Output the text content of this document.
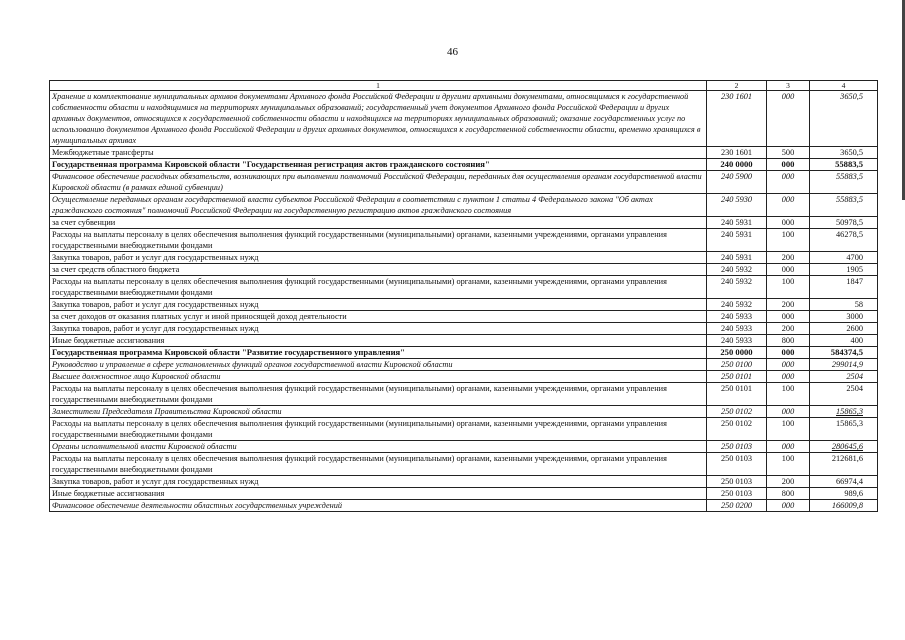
46
1	2	3	4
Хранение и комплектование муниципальных архивов документами Архивного фонда Российской Федерации и другими архивными документами, относящимися к государственной собственности области и находящимися на территориях муниципальных образований; государственный учет документов Архивного фонда Российской Федерации и других архивных документов, относящихся к государственной собственности области и находящихся на территориях муниципальных образований; оказание государственных услуг по использованию документов Архивного фонда Российской Федерации и других архивных документов, относящихся к государственной собственности области, временно хранящихся в муниципальных архивах	230 1601	000	3650,5
Межбюджетные трансферты	230 1601	500	3650,5
Государственная программа Кировской области "Государственная регистрация актов гражданского состояния"	240 0000	000	55883,5
Финансовое обеспечение расходных обязательств, возникающих при выполнении полномочий Российской Федерации, переданных для осуществления органам государственной власти Кировской области (в рамках единой субвенции)	240 5900	000	55883,5
Осуществление переданных органам государственной власти субъектов Российской Федерации в соответствии с пунктом 1 статьи 4 Федерального закона "Об актах гражданского состояния" полномочий Российской Федерации на государственную регистрацию актов гражданского состояния	240 5930	000	55883,5
за счет субвенции	240 5931	000	50978,5
Расходы на выплаты персоналу в целях обеспечения выполнения функций государственными (муниципальными) органами, казенными учреждениями, органами управления государственными внебюджетными фондами	240 5931	100	46278,5
Закупка товаров, работ и услуг для государственных нужд	240 5931	200	4700
за счет средств областного бюджета	240 5932	000	1905
Расходы на выплаты персоналу в целях обеспечения выполнения функций государственными (муниципальными) органами, казенными учреждениями, органами управления государственными внебюджетными фондами	240 5932	100	1847
Закупка товаров, работ и услуг для государственных нужд	240 5932	200	58
за счет доходов от оказания платных услуг и иной приносящей доход деятельности	240 5933	000	3000
Закупка товаров, работ и услуг для государственных нужд	240 5933	200	2600
Иные бюджетные ассигнования	240 5933	800	400
Государственная программа Кировской области "Развитие государственного управления"	250 0000	000	584374,5
Руководство и управление в сфере установленных функций органов государственной власти Кировской области	250 0100	000	299014,9
Высшее должностное лицо Кировской области	250 0101	000	2504
Расходы на выплаты персоналу в целях обеспечения выполнения функций государственными (муниципальными) органами, казенными учреждениями, органами управления государственными внебюджетными фондами	250 0101	100	2504
Заместители Председателя Правительства Кировской области	250 0102	000	15865,3
Расходы на выплаты персоналу в целях обеспечения выполнения функций государственными (муниципальными) органами, казенными учреждениями, органами управления государственными внебюджетными фондами	250 0102	100	15865,3
Органы исполнительной власти Кировской области	250 0103	000	280645,6
Расходы на выплаты персоналу в целях обеспечения выполнения функций государственными (муниципальными) органами, казенными учреждениями, органами управления государственными внебюджетными фондами	250 0103	100	212681,6
Закупка товаров, работ и услуг для государственных нужд	250 0103	200	66974,4
Иные бюджетные ассигнования	250 0103	800	989,6
Финансовое обеспечение деятельности областных государственных учреждений	250 0200	000	166009,8
